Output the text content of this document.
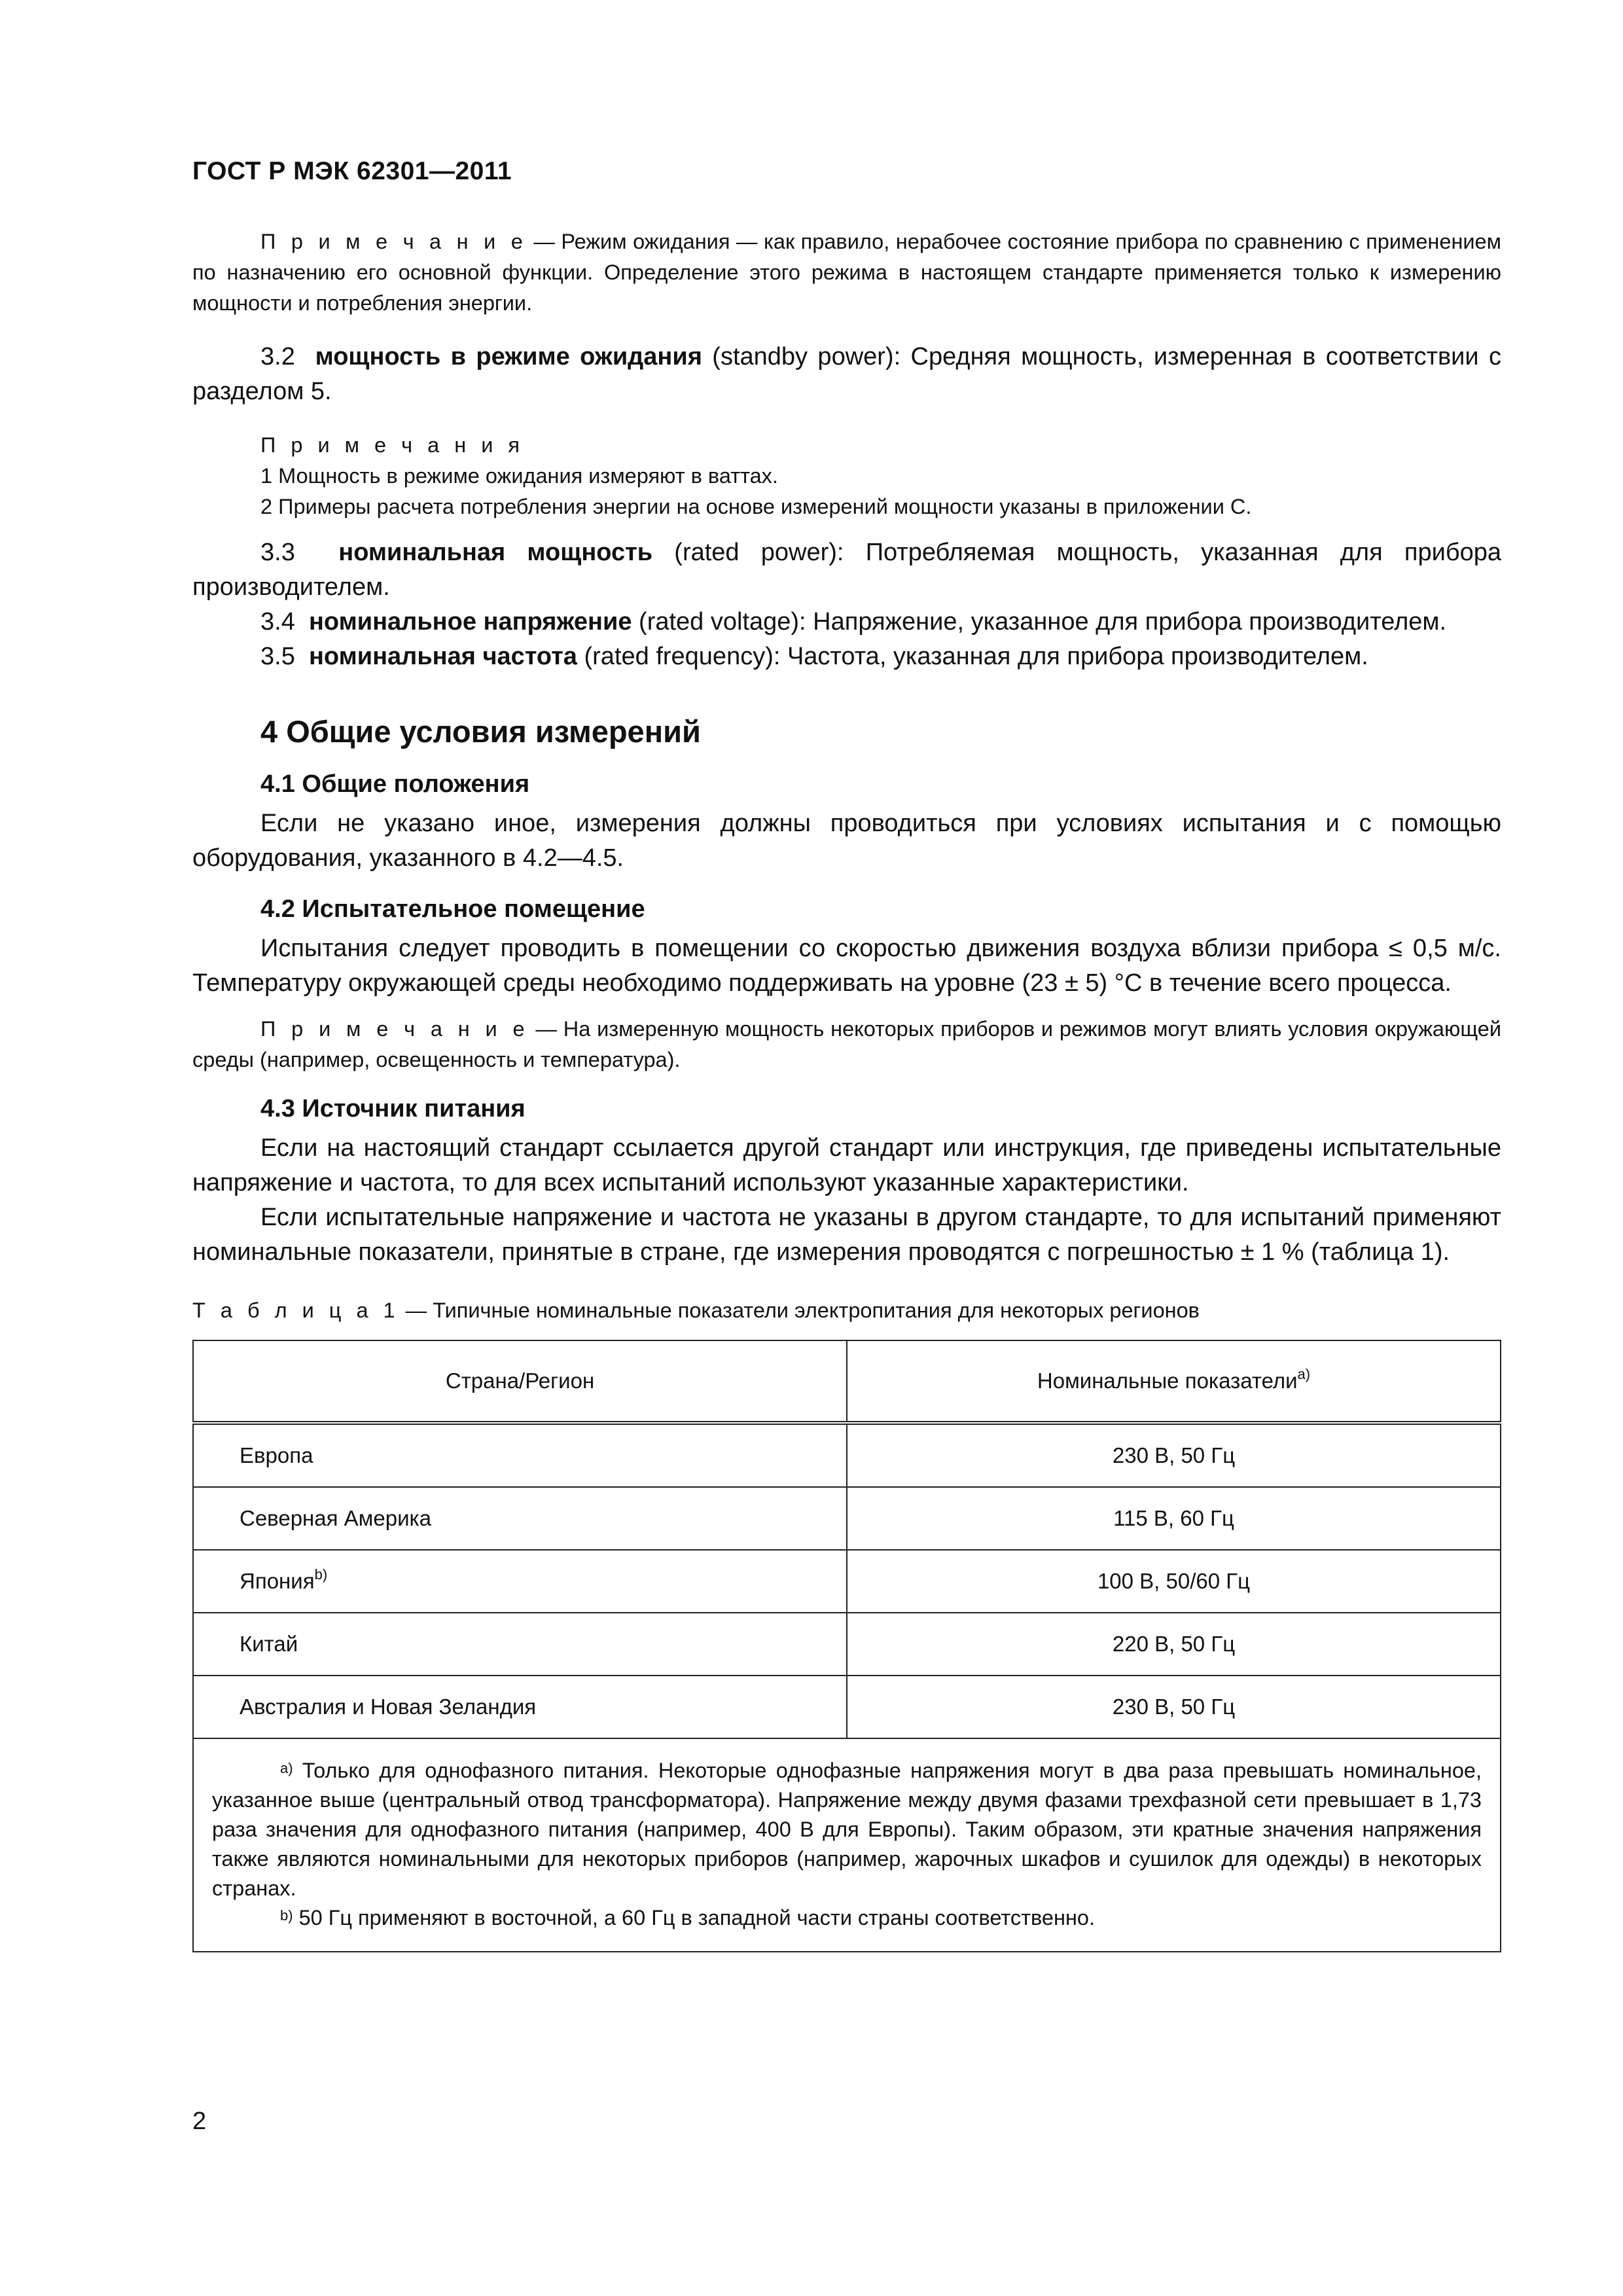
ГОСТ Р МЭК 62301—2011

П р и м е ч а н и е — Режим ожидания — как правило, нерабочее состояние прибора по сравнению с применением по назначению его основной функции. Определение этого режима в настоящем стандарте применяется только к измерению мощности и потребления энергии.

3.2 мощность в режиме ожидания (standby power): Средняя мощность, измеренная в соответствии с разделом 5.

П р и м е ч а н и я
1 Мощность в режиме ожидания измеряют в ваттах.
2 Примеры расчета потребления энергии на основе измерений мощности указаны в приложении С.

3.3 номинальная мощность (rated power): Потребляемая мощность, указанная для прибора производителем.

3.4 номинальное напряжение (rated voltage): Напряжение, указанное для прибора производителем.

3.5 номинальная частота (rated frequency): Частота, указанная для прибора производителем.

4 Общие условия измерений
4.1 Общие положения

Если не указано иное, измерения должны проводиться при условиях испытания и с помощью оборудования, указанного в 4.2—4.5.

4.2 Испытательное помещение

Испытания следует проводить в помещении со скоростью движения воздуха вблизи прибора ≤ 0,5 м/с. Температуру окружающей среды необходимо поддерживать на уровне (23 ± 5) °С в течение всего процесса.

П р и м е ч а н и е — На измеренную мощность некоторых приборов и режимов могут влиять условия окружающей среды (например, освещенность и температура).

4.3 Источник питания

Если на настоящий стандарт ссылается другой стандарт или инструкция, где приведены испытательные напряжение и частота, то для всех испытаний используют указанные характеристики.

Если испытательные напряжение и частота не указаны в другом стандарте, то для испытаний применяют номинальные показатели, принятые в стране, где измерения проводятся с погрешностью ± 1 % (таблица 1).

Т а б л и ц а 1 — Типичные номинальные показатели электропитания для некоторых регионов
Страна/Регион	Номинальные показатели$^{a)}$
Европа	230 В, 50 Гц
Северная Америка	115 В, 60 Гц
Япония$^{b)}$	100 В, 50/60 Гц
Китай	220 В, 50 Гц
Австралия и Новая Зеландия	230 В, 50 Гц

$^{a)}$ Только для однофазного питания. Некоторые однофазные напряжения могут в два раза превышать номинальное, указанное выше (центральный отвод трансформатора). Напряжение между двумя фазами трехфазной сети превышает в 1,73 раза значения для однофазного питания (например, 400 В для Европы). Таким образом, эти кратные значения напряжения также являются номинальными для некоторых приборов (например, жарочных шкафов и сушилок для одежды) в некоторых странах.

$^{b)}$ 50 Гц применяют в восточной, а 60 Гц в западной части страны соответственно.	

2
